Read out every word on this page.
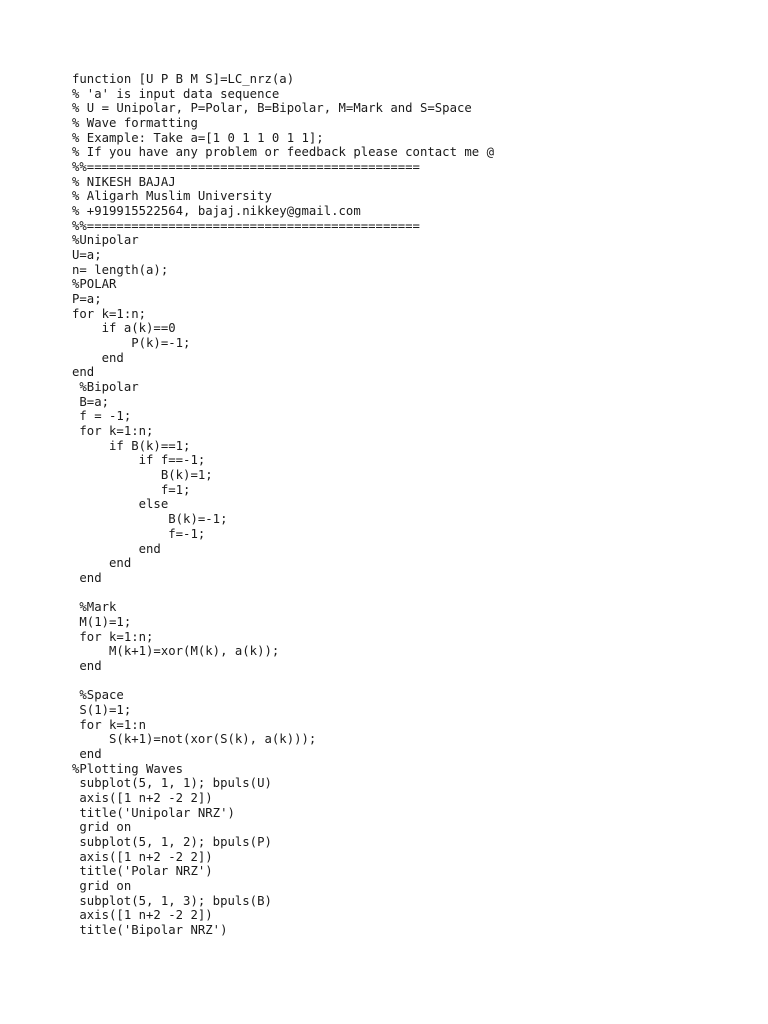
function [U P B M S]=LC_nrz(a)
% 'a' is input data sequence
% U = Unipolar, P=Polar, B=Bipolar, M=Mark and S=Space
% Wave formatting
% Example: Take a=[1 0 1 1 0 1 1];
% If you have any problem or feedback please contact me @
%%=============================================
% NIKESH BAJAJ
% Aligarh Muslim University
% +919915522564, bajaj.nikkey@gmail.com
%%=============================================
%Unipolar
U=a;
n= length(a);
%POLAR
P=a;
for k=1:n;
if a(k)==0
P(k)=-1;
end
end
%Bipolar
B=a;
f = -1;
for k=1:n;
if B(k)==1;
if f==-1;
B(k)=1;
f=1;
else
B(k)=-1;
f=-1;
end
end
end
%Mark
M(1)=1;
for k=1:n;
M(k+1)=xor(M(k), a(k));
end
%Space
S(1)=1;
for k=1:n
S(k+1)=not(xor(S(k), a(k)));
end
%Plotting Waves
subplot(5, 1, 1); bpuls(U)
axis([1 n+2 -2 2])
title('Unipolar NRZ')
grid on
subplot(5, 1, 2); bpuls(P)
axis([1 n+2 -2 2])
title('Polar NRZ')
grid on
subplot(5, 1, 3); bpuls(B)
axis([1 n+2 -2 2])
title('Bipolar NRZ')
